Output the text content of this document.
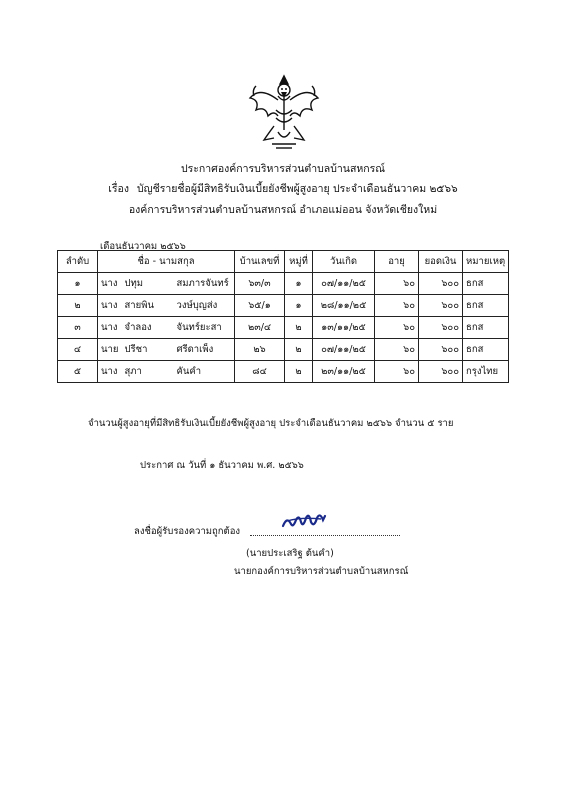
ประกาศองค์การบริหารส่วนตำบลบ้านสหกรณ์
เรื่อง บัญชีรายชื่อผู้มีสิทธิรับเงินเบี้ยยังชีพผู้สูงอายุ ประจำเดือนธันวาคม ๒๕๖๖
องค์การบริหารส่วนตำบลบ้านสหกรณ์ อำเภอแม่ออน จังหวัดเชียงใหม่
เดือนธันวาคม ๒๕๖๖
ลำดับ	ชื่อ - นามสกุล			บ้านเลขที่	หมู่ที่	วันเกิด	อายุ	ยอดเงิน	หมายเหตุ
๑	นาง	ปทุม	สมภารจันทร์	๖๓/๓	๑	๐๗/๑๑/๒๕	๖๐	๖๐๐	ธกส
๒	นาง	สายพิน	วงษ์บุญส่ง	๖๕/๑	๑	๒๘/๑๑/๒๕	๖๐	๖๐๐	ธกส
๓	นาง	จำลอง	จันทร์ยะสา	๒๓/๔	๒	๑๓/๑๑/๒๕	๖๐	๖๐๐	ธกส
๔	นาย	ปรีชา	ศรีดาเพ็ง	๒๖	๒	๐๗/๑๑/๒๕	๖๐	๖๐๐	ธกส
๕	นาง	สุภา	คันคำ	๘๔	๒	๒๓/๑๑/๒๕	๖๐	๖๐๐	กรุงไทย
จำนวนผู้สูงอายุที่มีสิทธิรับเงินเบี้ยยังชีพผู้สูงอายุ ประจำเดือนธันวาคม ๒๕๖๖ จำนวน ๕ ราย
ประกาศ ณ วันที่ ๑ ธันวาคม พ.ศ. ๒๕๖๖
ลงชื่อผู้รับรองความถูกต้อง
(นายประเสริฐ ต้นคำ)
นายกองค์การบริหารส่วนตำบลบ้านสหกรณ์
